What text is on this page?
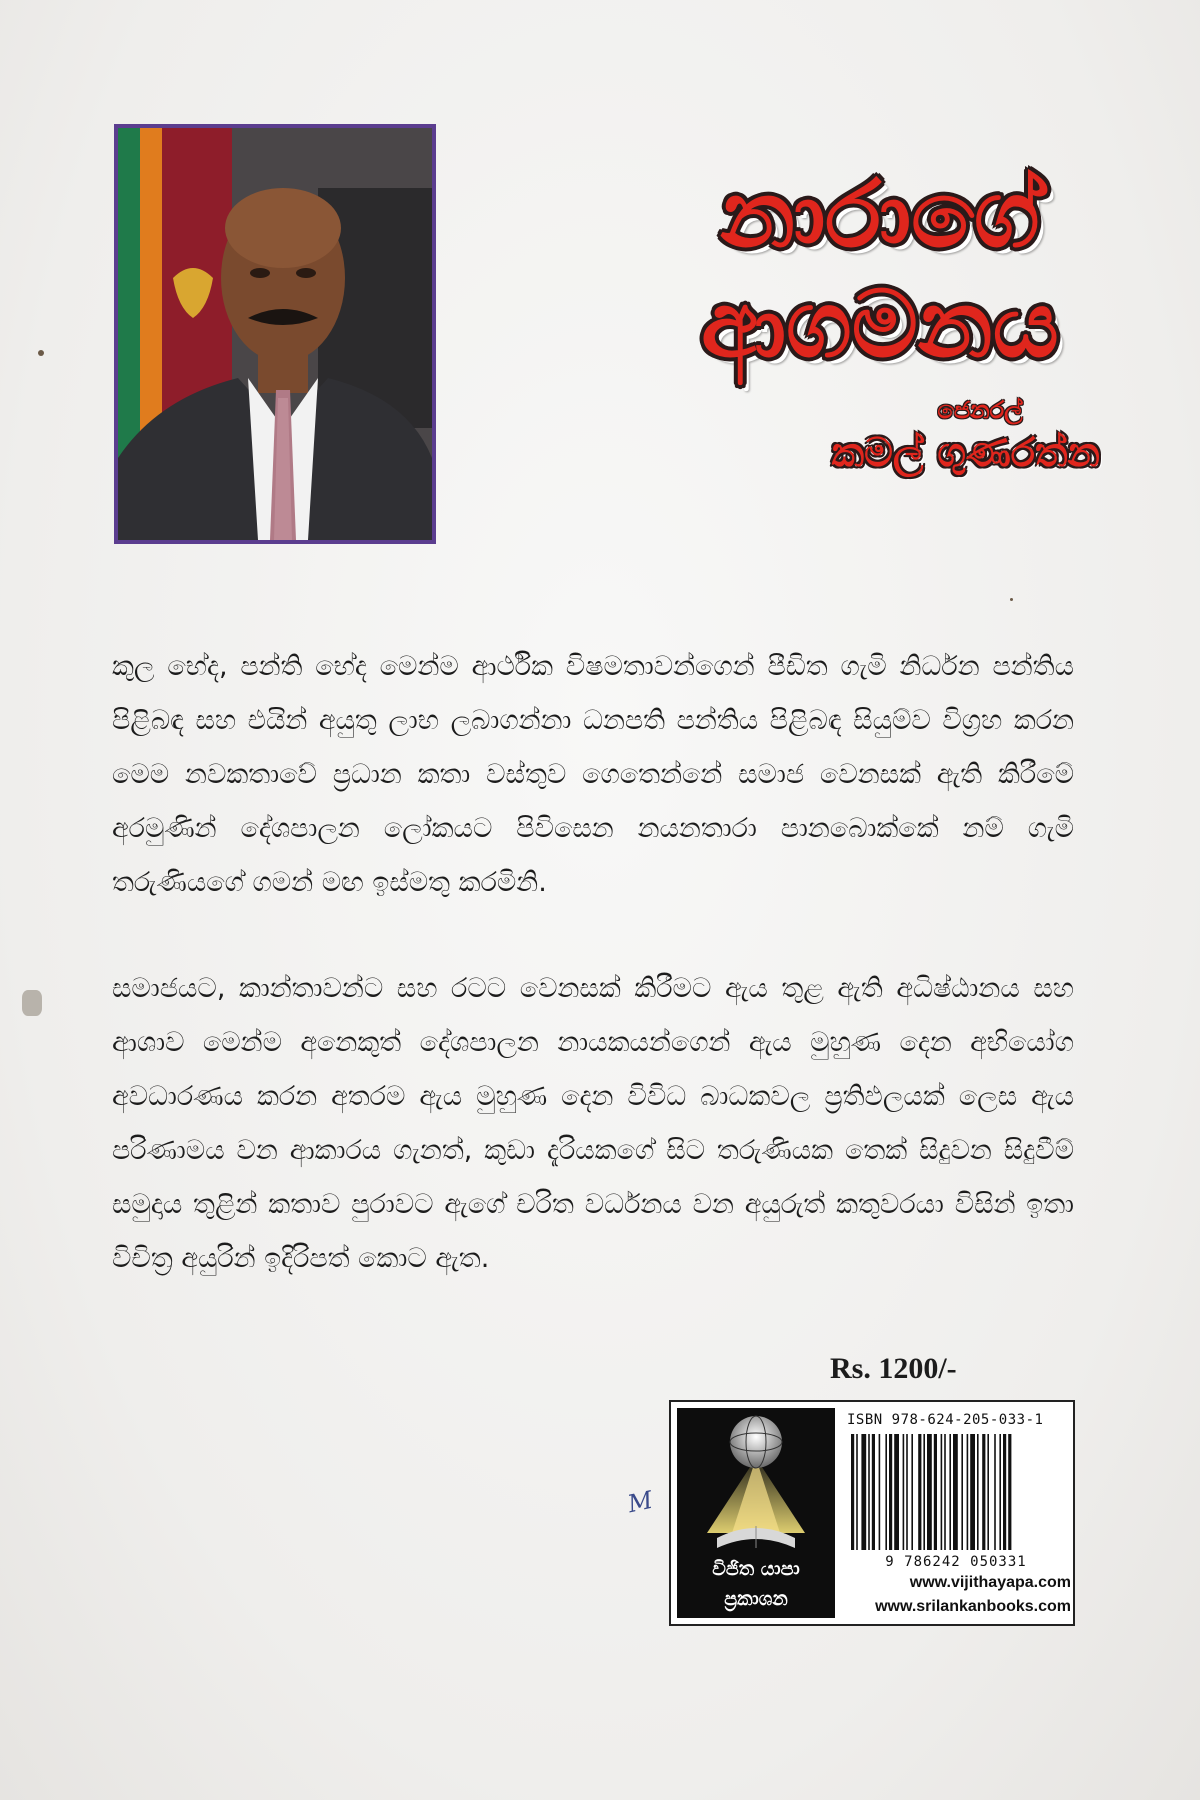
නාරාගේ
ආගමනය
ජෙනරල්
කමල් ගුණරත්න
කුල භේද, පන්ති භේද මෙන්ම ආර්ථික විෂමතාවන්ගෙන් පීඩිත ගැමි නිර්ධන පන්තිය පිළිබඳ සහ එයින් අයුතු ලාභ ලබාගන්නා ධනපති පන්තිය පිළිබඳ සියුම්ව විග්‍රහ කරන මෙම නවකතාවේ ප්‍රධාන කතා වස්තුව ගෙතෙන්නේ සමාජ වෙනසක් ඇති කිරීමේ අරමුණින් දේශපාලන ලෝකයට පිවිසෙන නයනතාරා පානබොක්කේ නම් ගැමි තරුණියගේ ගමන් මඟ ඉස්මතු කරමිනි.
සමාජයට, කාන්තාවන්ට සහ රටට වෙනසක් කිරීමට ඇය තුළ ඇති අධිෂ්ඨානය සහ ආශාව මෙන්ම අනෙකුත් දේශපාලන නායකයන්ගෙන් ඇය මුහුණ දෙන අභියෝග අවධාරණය කරන අතරම ඇය මුහුණ දෙන විවිධ බාධකවල ප්‍රතිඵලයක් ලෙස ඇය පරිණාමය වන ආකාරය ගැනත්, කුඩා දැරියකගේ සිට තරුණියක තෙක් සිදුවන සිදුවීම් සමුදාය තුළින් කතාව පුරාවට ඇගේ චරිත වර්ධනය වන අයුරුත් කතුවරයා විසින් ඉතා විචිත්‍ර අයුරින් ඉදිරිපත් කොට ඇත.
Rs. 1200/-
M
විජිත යාපා
ප්‍රකාශන
ISBN 978-624-205-033-1
9 786242 050331
www.vijithayapa.com
www.srilankanbooks.com
